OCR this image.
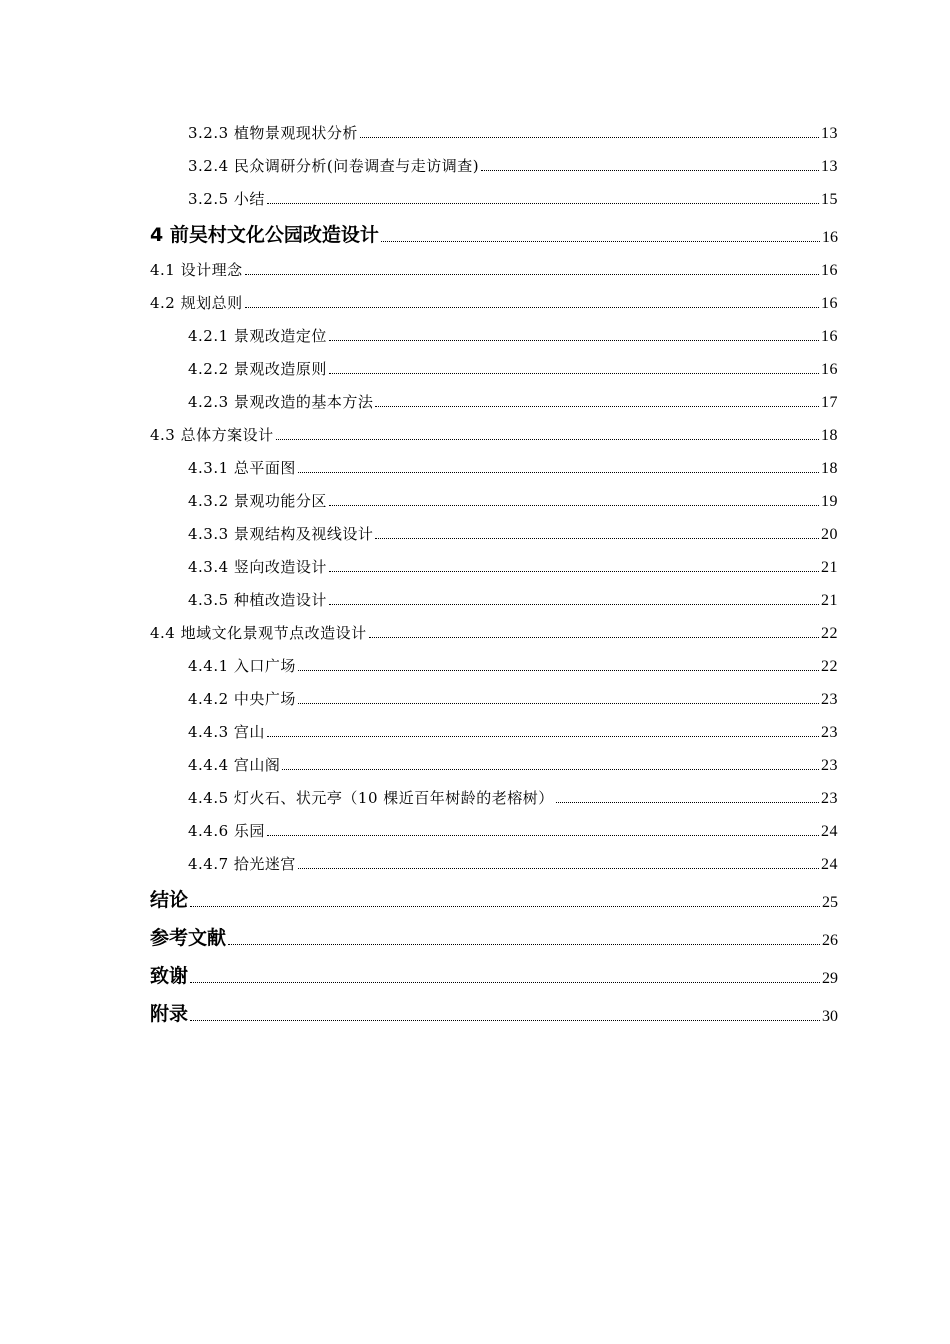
3.2.3 植物景观现状分析	13
3.2.4 民众调研分析(问卷调查与走访调查)	13
3.2.5 小结	15
4 前吴村文化公园改造设计	16
4.1 设计理念	16
4.2 规划总则	16
4.2.1 景观改造定位	16
4.2.2 景观改造原则	16
4.2.3 景观改造的基本方法	17
4.3 总体方案设计	18
4.3.1 总平面图	18
4.3.2 景观功能分区	19
4.3.3 景观结构及视线设计	20
4.3.4 竖向改造设计	21
4.3.5 种植改造设计	21
4.4 地域文化景观节点改造设计	22
4.4.1 入口广场	22
4.4.2 中央广场	23
4.4.3 宫山	23
4.4.4 宫山阁	23
4.4.5 灯火石、状元亭（10 棵近百年树龄的老榕树）	23
4.4.6 乐园	24
4.4.7 拾光迷宫	24
结论	25
参考文献	26
致谢	29
附录	30
